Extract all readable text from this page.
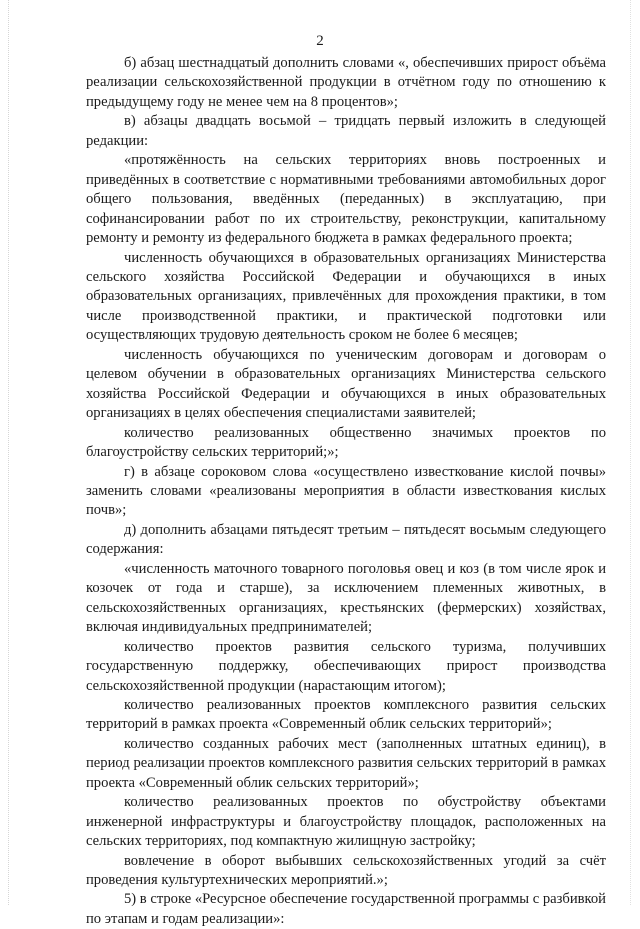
2

б) абзац шестнадцатый дополнить словами «, обеспечивших прирост объёма реализации сельскохозяйственной продукции в отчётном году по отношению к предыдущему году не менее чем на 8 процентов»;

в) абзацы двадцать восьмой – тридцать первый изложить в следующей редакции:

«протяжённость на сельских территориях вновь построенных и приведённых в соответствие с нормативными требованиями автомобильных дорог общего пользования, введённых (переданных) в эксплуатацию, при софинансировании работ по их строительству, реконструкции, капитальному ремонту и ремонту из федерального бюджета в рамках федерального проекта;

численность обучающихся в образовательных организациях Министерства сельского хозяйства Российской Федерации и обучающихся в иных образовательных организациях, привлечённых для прохождения практики, в том числе производственной практики, и практической подготовки или осуществляющих трудовую деятельность сроком не более 6 месяцев;

численность обучающихся по ученическим договорам и договорам о целевом обучении в образовательных организациях Министерства сельского хозяйства Российской Федерации и обучающихся в иных образовательных организациях в целях обеспечения специалистами заявителей;

количество реализованных общественно значимых проектов по благоустройству сельских территорий;»;

г) в абзаце сороковом слова «осуществлено известкование кислой почвы» заменить словами «реализованы мероприятия в области известкования кислых почв»;

д) дополнить абзацами пятьдесят третьим – пятьдесят восьмым следующего содержания:

«численность маточного товарного поголовья овец и коз (в том числе ярок и козочек от года и старше), за исключением племенных животных, в сельскохозяйственных организациях, крестьянских (фермерских) хозяйствах, включая индивидуальных предпринимателей;

количество проектов развития сельского туризма, получивших государственную поддержку, обеспечивающих прирост производства сельскохозяйственной продукции (нарастающим итогом);

количество реализованных проектов комплексного развития сельских территорий в рамках проекта «Современный облик сельских территорий»;

количество созданных рабочих мест (заполненных штатных единиц), в период реализации проектов комплексного развития сельских территорий в рамках проекта «Современный облик сельских территорий»;

количество реализованных проектов по обустройству объектами инженерной инфраструктуры и благоустройству площадок, расположенных на сельских территориях, под компактную жилищную застройку;

вовлечение в оборот выбывших сельскохозяйственных угодий за счёт проведения культуртехнических мероприятий.»;

5) в строке «Ресурсное обеспечение государственной программы с разбивкой по этапам и годам реализации»:
